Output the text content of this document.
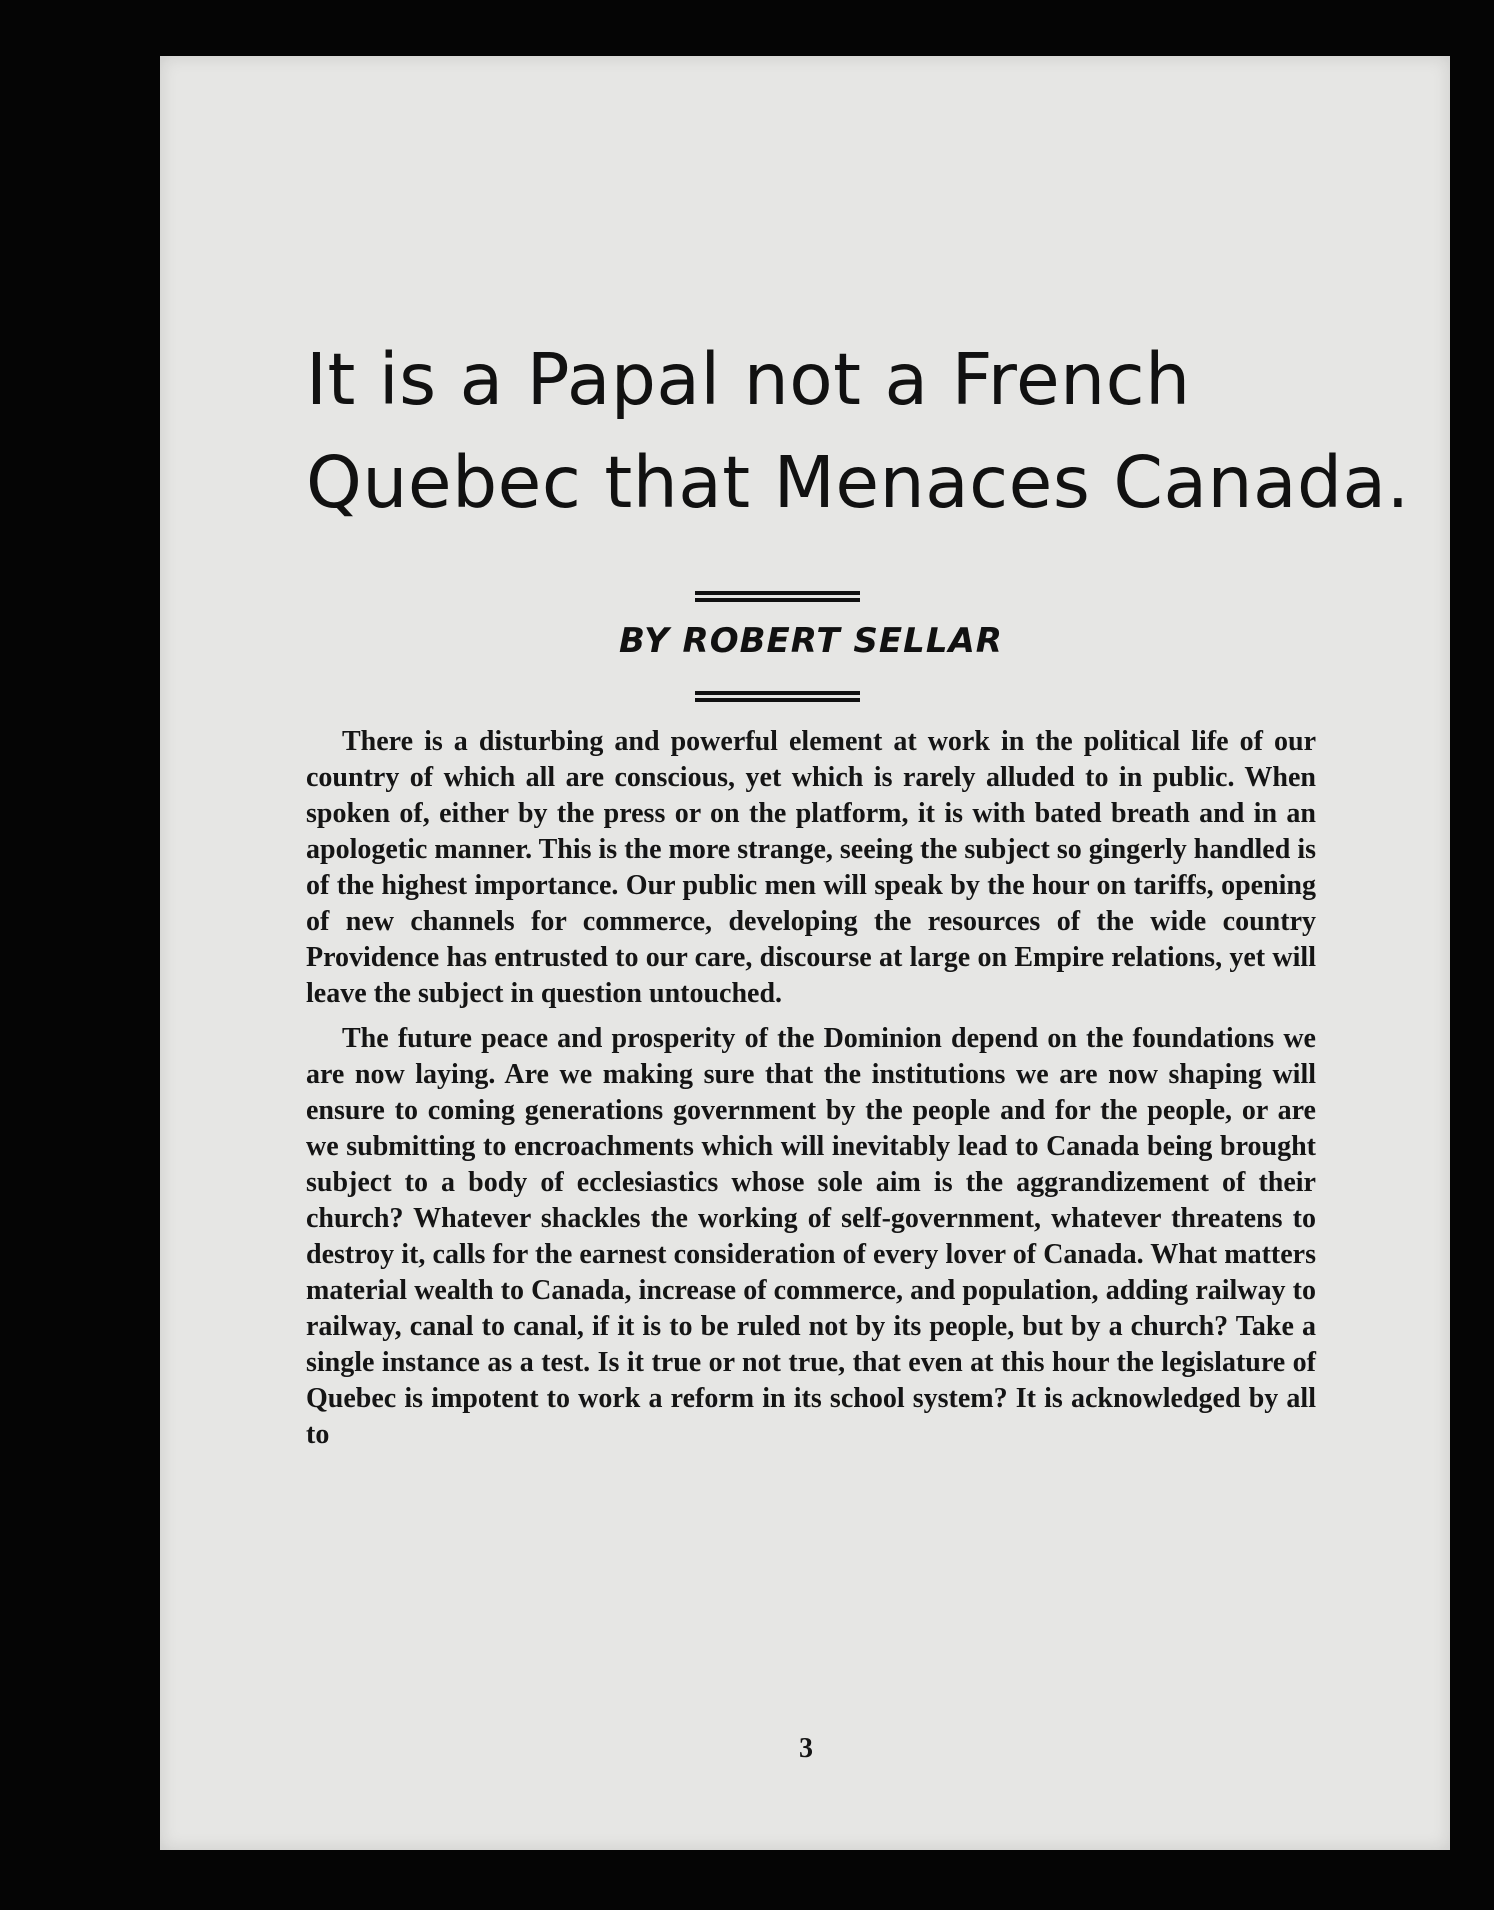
It is a Papal not a French
Quebec that Menaces Canada.
BY ROBERT SELLAR

There is a disturbing and powerful element at work in the political life of our country of which all are conscious, yet which is rarely alluded to in public. When spoken of, either by the press or on the platform, it is with bated breath and in an apologetic manner. This is the more strange, seeing the subject so gingerly handled is of the highest importance. Our public men will speak by the hour on tariffs, opening of new channels for commerce, developing the resources of the wide country Providence has entrusted to our care, discourse at large on Empire relations, yet will leave the subject in question untouched.

The future peace and prosperity of the Dominion depend on the foundations we are now laying. Are we making sure that the institutions we are now shaping will ensure to coming generations government by the people and for the people, or are we submitting to encroachments which will inevitably lead to Canada being brought subject to a body of ecclesiastics whose sole aim is the aggrandizement of their church? Whatever shackles the working of self-government, whatever threatens to destroy it, calls for the earnest consideration of every lover of Canada. What matters material wealth to Canada, increase of commerce, and population, adding railway to railway, canal to canal, if it is to be ruled not by its people, but by a church? Take a single instance as a test. Is it true or not true, that even at this hour the legislature of Quebec is impotent to work a reform in its school system? It is acknowledged by all to

3
